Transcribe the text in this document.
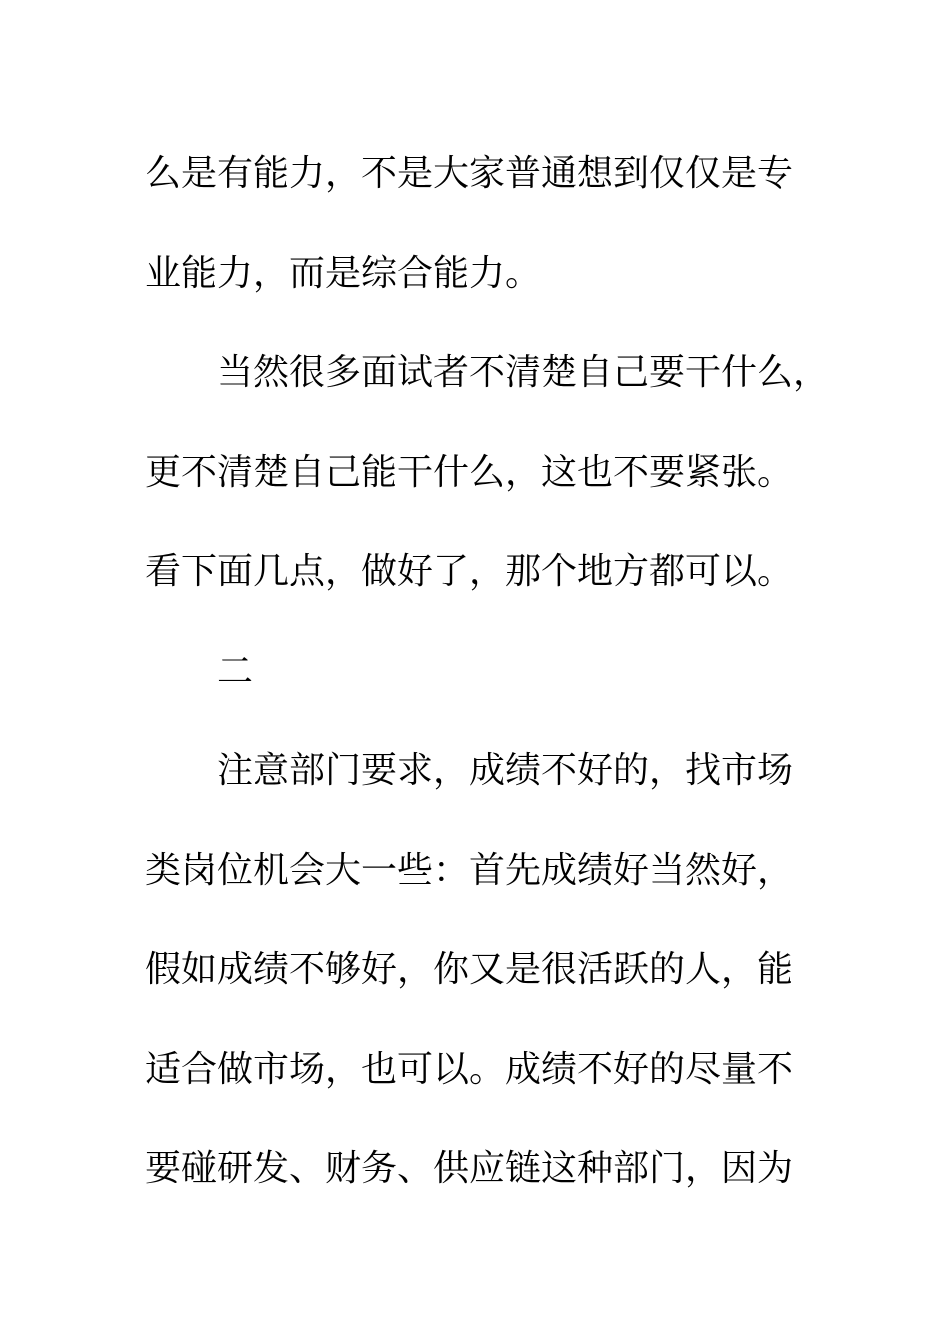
么是有能力，不是大家普通想到仅仅是专
业能力，而是综合能力。
当然很多面试者不清楚自己要干什么，
更不清楚自己能干什么，这也不要紧张。
看下面几点，做好了，那个地方都可以。
二
注意部门要求，成绩不好的，找市场
类岗位机会大一些：首先成绩好当然好，
假如成绩不够好，你又是很活跃的人，能
适合做市场，也可以。成绩不好的尽量不
要碰研发、财务、供应链这种部门，因为
